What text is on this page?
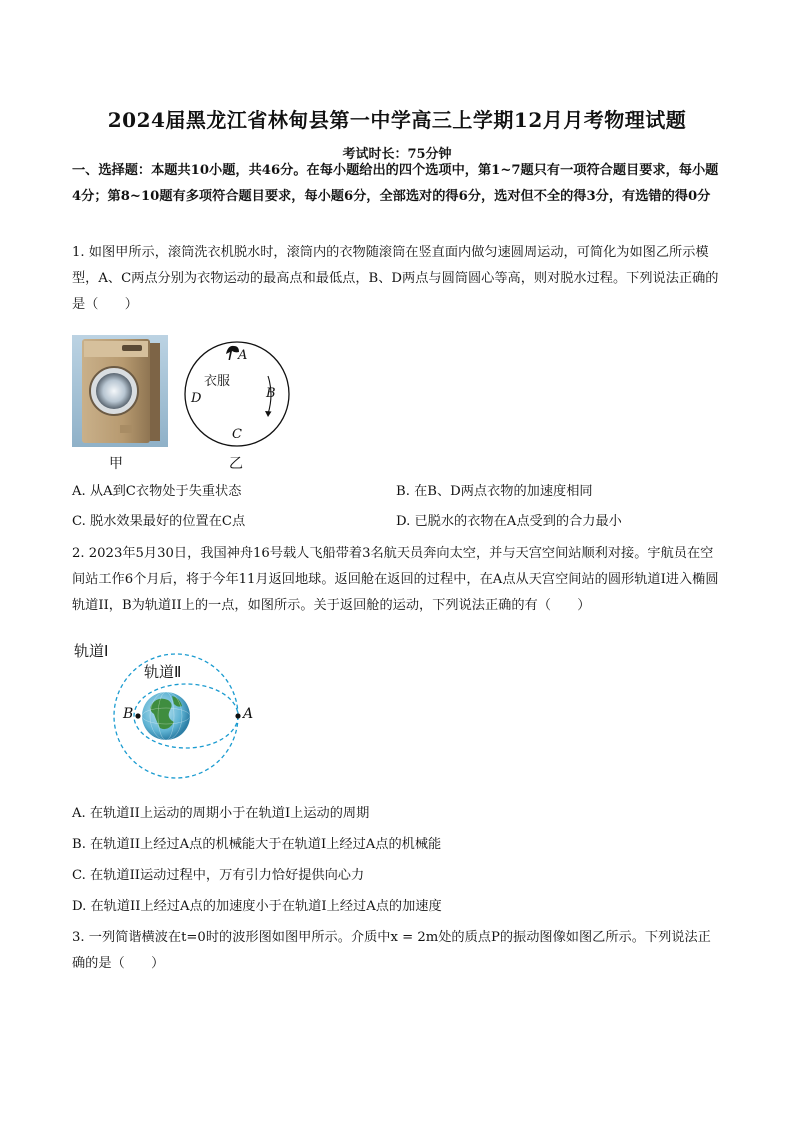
2024届黑龙江省林甸县第一中学高三上学期12月月考物理试题
考试时长：75分钟
一、选择题：本题共10小题，共46分。在每小题给出的四个选项中，第1~7题只有一项符合题目要求，每小题4分；第8~10题有多项符合题目要求，每小题6分，全部选对的得6分，选对但不全的得3分，有选错的得0分
1. 如图甲所示，滚筒洗衣机脱水时，滚筒内的衣物随滚筒在竖直面内做匀速圆周运动，可简化为如图乙所示模型，A、C两点分别为衣物运动的最高点和最低点，B、D两点与圆筒圆心等高，则对脱水过程。下列说法正确的是（　　）
甲
A
衣服
B
D
C
乙
A. 从A到C衣物处于失重状态	B. 在B、D两点衣物的加速度相同
C. 脱水效果最好的位置在C点	D. 已脱水的衣物在A点受到的合力最小
2. 2023年5月30日，我国神舟16号载人飞船带着3名航天员奔向太空，并与天宫空间站顺利对接。宇航员在空间站工作6个月后，将于今年11月返回地球。返回舱在返回的过程中，在A点从天宫空间站的圆形轨道I进入椭圆轨道II，B为轨道II上的一点，如图所示。关于返回舱的运动，下列说法正确的有（　　）
轨道Ⅰ
轨道Ⅱ
B	A
A. 在轨道II上运动的周期小于在轨道I上运动的周期
B. 在轨道II上经过A点的机械能大于在轨道I上经过A点的机械能
C. 在轨道II运动过程中，万有引力恰好提供向心力
D. 在轨道II上经过A点的加速度小于在轨道I上经过A点的加速度
3. 一列简谐横波在t=0时的波形图如图甲所示。介质中x = 2m处的质点P的振动图像如图乙所示。下列说法正确的是（　　）
